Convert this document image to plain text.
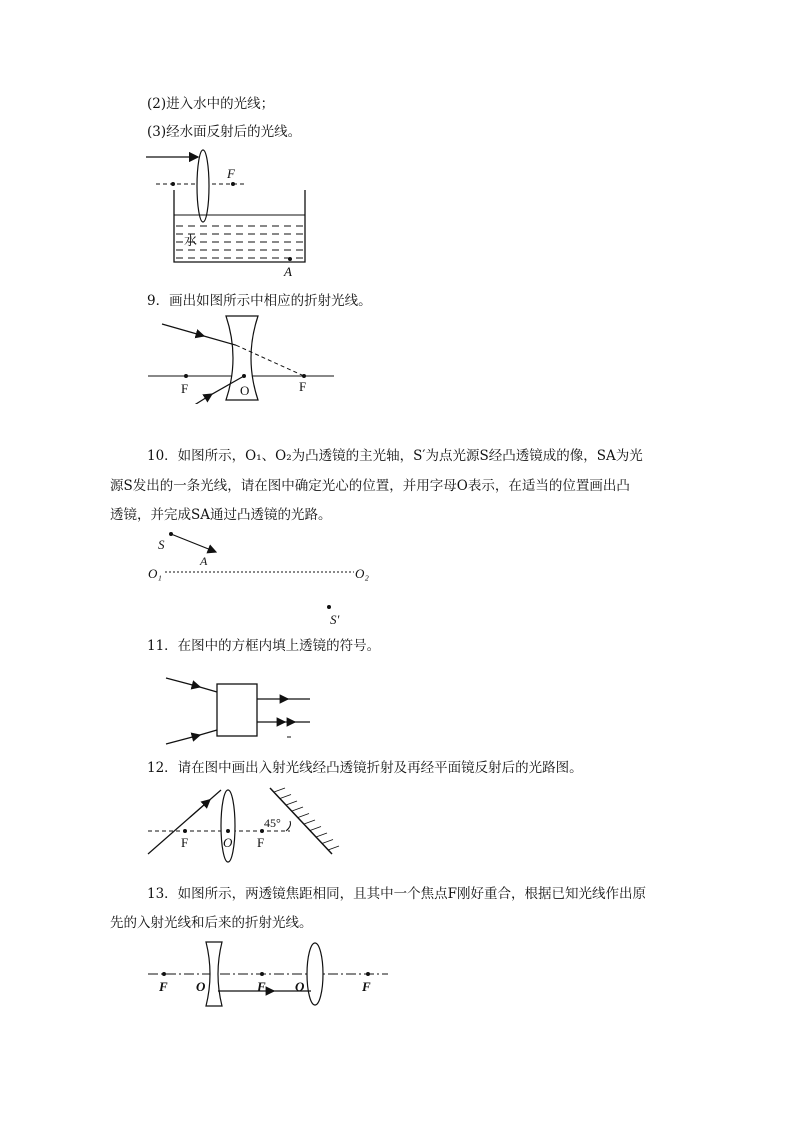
(2)进入水中的光线；
(3)经水面反射后的光线。
F
水
A
9．画出如图所示中相应的折射光线。
F	O	F
10．如图所示，O₁、O₂为凸透镜的主光轴，S′为点光源S经凸透镜成的像，SA为光
源S发出的一条光线，请在图中确定光心的位置，并用字母O表示，在适当的位置画出凸
透镜，并完成SA通过凸透镜的光路。
S
A
O₁	O₂
S′
11．在图中的方框内填上透镜的符号。
12．请在图中画出入射光线经凸透镜折射及再经平面镜反射后的光路图。
45°
F	O F
13．如图所示，两透镜焦距相同，且其中一个焦点F刚好重合，根据已知光线作出原
先的入射光线和后来的折射光线。
F O	F O	F
